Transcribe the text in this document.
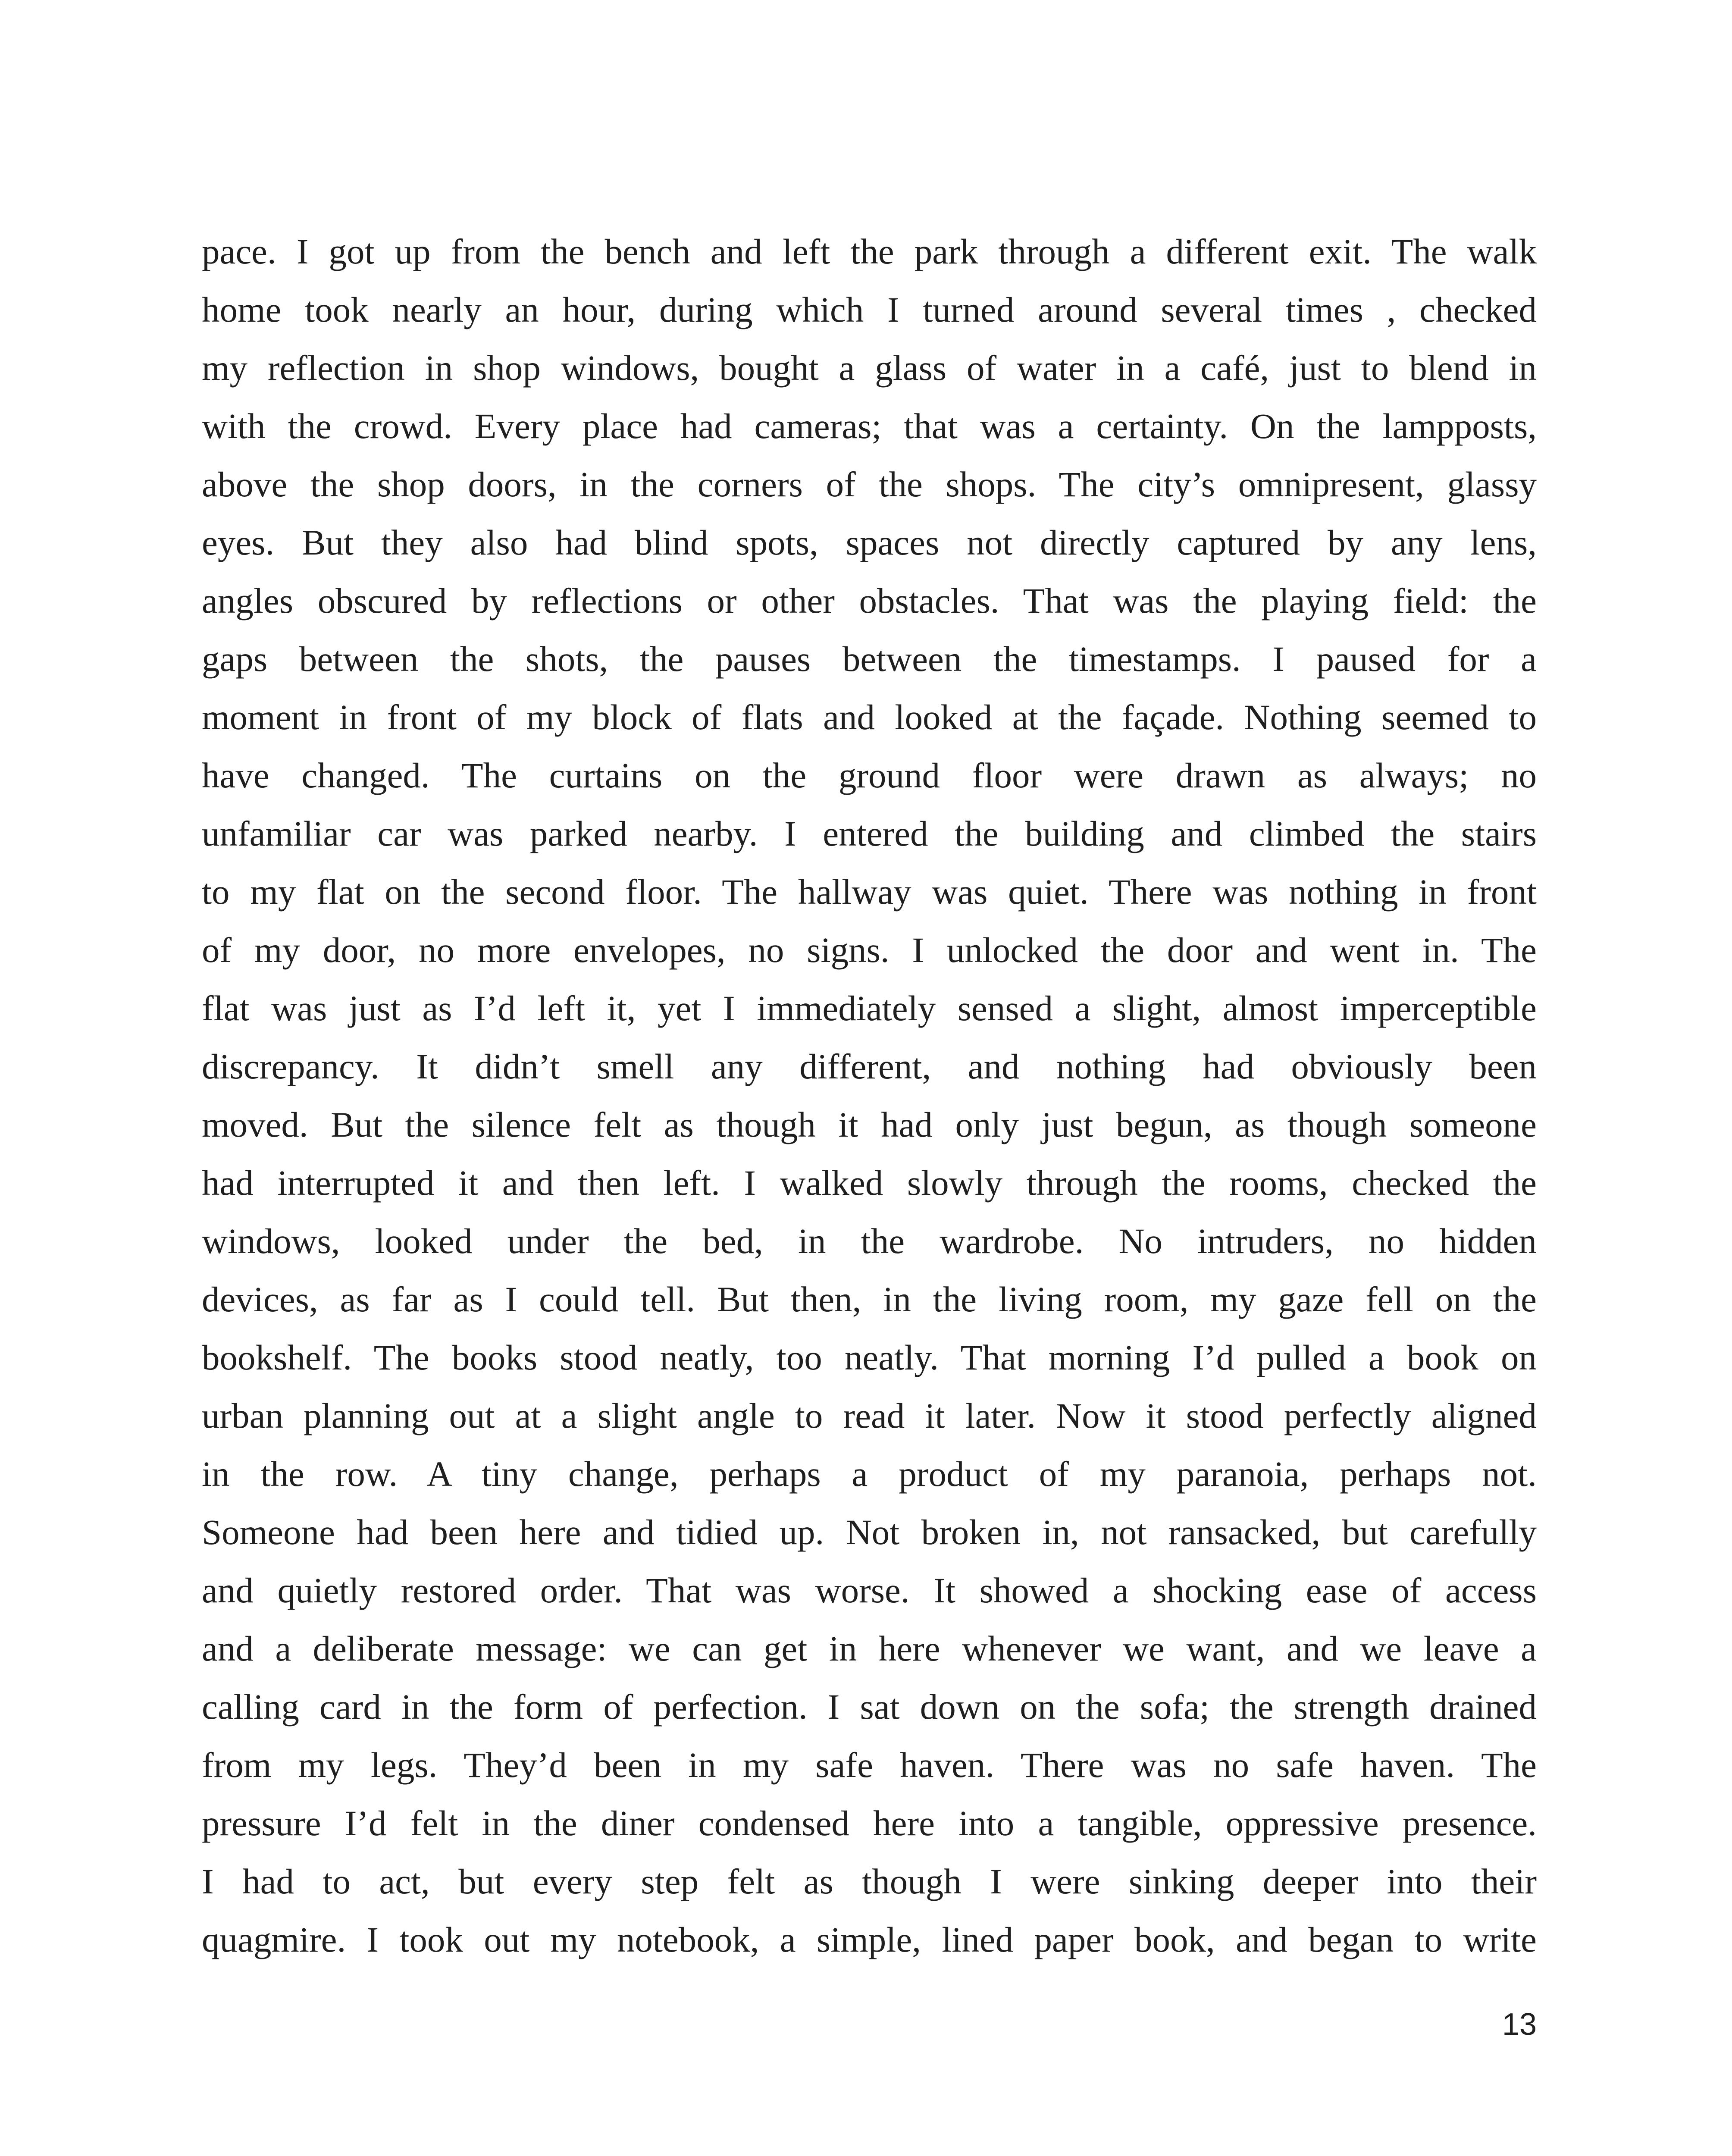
pace. I got up from the bench and left the park through a different exit. The walk
home took nearly an hour, during which I turned around several times , checked
my reflection in shop windows, bought a glass of water in a café, just to blend in
with the crowd. Every place had cameras; that was a certainty. On the lampposts,
above the shop doors, in the corners of the shops. The city’s omnipresent, glassy
eyes. But they also had blind spots, spaces not directly captured by any lens,
angles obscured by reflections or other obstacles. That was the playing field: the
gaps between the shots, the pauses between the timestamps. I paused for a
moment in front of my block of flats and looked at the façade. Nothing seemed to
have changed. The curtains on the ground floor were drawn as always; no
unfamiliar car was parked nearby. I entered the building and climbed the stairs
to my flat on the second floor. The hallway was quiet. There was nothing in front
of my door, no more envelopes, no signs. I unlocked the door and went in. The
flat was just as I’d left it, yet I immediately sensed a slight, almost imperceptible
discrepancy. It didn’t smell any different, and nothing had obviously been
moved. But the silence felt as though it had only just begun, as though someone
had interrupted it and then left. I walked slowly through the rooms, checked the
windows, looked under the bed, in the wardrobe. No intruders, no hidden
devices, as far as I could tell. But then, in the living room, my gaze fell on the
bookshelf. The books stood neatly, too neatly. That morning I’d pulled a book on
urban planning out at a slight angle to read it later. Now it stood perfectly aligned
in the row. A tiny change, perhaps a product of my paranoia, perhaps not.
Someone had been here and tidied up. Not broken in, not ransacked, but carefully
and quietly restored order. That was worse. It showed a shocking ease of access
and a deliberate message: we can get in here whenever we want, and we leave a
calling card in the form of perfection. I sat down on the sofa; the strength drained
from my legs. They’d been in my safe haven. There was no safe haven. The
pressure I’d felt in the diner condensed here into a tangible, oppressive presence.
I had to act, but every step felt as though I were sinking deeper into their
quagmire. I took out my notebook, a simple, lined paper book, and began to write
13
